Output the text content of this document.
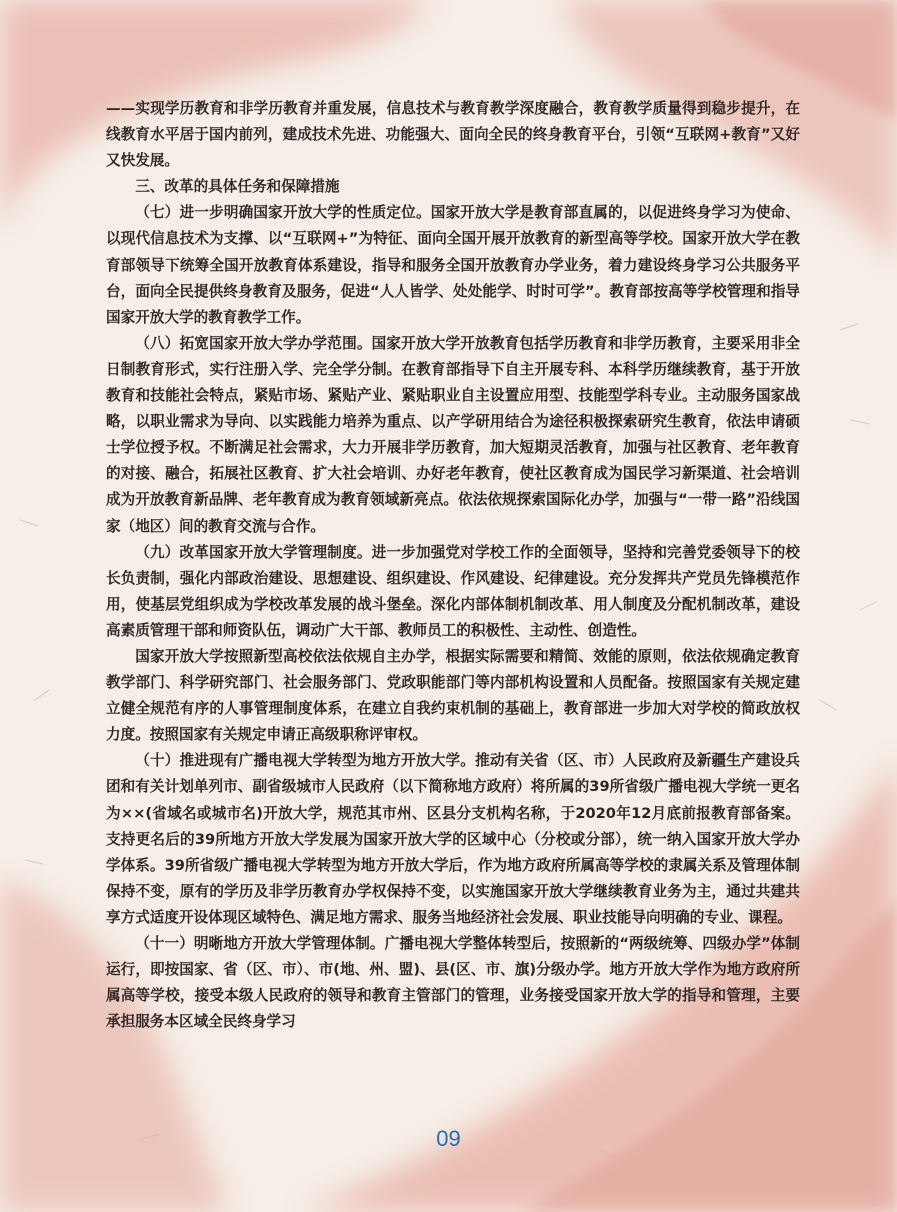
——实现学历教育和非学历教育并重发展，信息技术与教育教学深度融合，教育教学质量得到稳步提升，在线教育水平居于国内前列，建成技术先进、功能强大、面向全民的终身教育平台，引领“互联网+教育”又好又快发展。

三、改革的具体任务和保障措施

（七）进一步明确国家开放大学的性质定位。国家开放大学是教育部直属的，以促进终身学习为使命、以现代信息技术为支撑、以“互联网+”为特征、面向全国开展开放教育的新型高等学校。国家开放大学在教育部领导下统筹全国开放教育体系建设，指导和服务全国开放教育办学业务，着力建设终身学习公共服务平台，面向全民提供终身教育及服务，促进“人人皆学、处处能学、时时可学”。教育部按高等学校管理和指导国家开放大学的教育教学工作。

（八）拓宽国家开放大学办学范围。国家开放大学开放教育包括学历教育和非学历教育，主要采用非全日制教育形式，实行注册入学、完全学分制。在教育部指导下自主开展专科、本科学历继续教育，基于开放教育和技能社会特点，紧贴市场、紧贴产业、紧贴职业自主设置应用型、技能型学科专业。主动服务国家战略，以职业需求为导向、以实践能力培养为重点、以产学研用结合为途径积极探索研究生教育，依法申请硕士学位授予权。不断满足社会需求，大力开展非学历教育，加大短期灵活教育，加强与社区教育、老年教育的对接、融合，拓展社区教育、扩大社会培训、办好老年教育，使社区教育成为国民学习新渠道、社会培训成为开放教育新品牌、老年教育成为教育领域新亮点。依法依规探索国际化办学，加强与“一带一路”沿线国家（地区）间的教育交流与合作。

（九）改革国家开放大学管理制度。进一步加强党对学校工作的全面领导，坚持和完善党委领导下的校长负责制，强化内部政治建设、思想建设、组织建设、作风建设、纪律建设。充分发挥共产党员先锋模范作用，使基层党组织成为学校改革发展的战斗堡垒。深化内部体制机制改革、用人制度及分配机制改革，建设高素质管理干部和师资队伍，调动广大干部、教师员工的积极性、主动性、创造性。

国家开放大学按照新型高校依法依规自主办学，根据实际需要和精简、效能的原则，依法依规确定教育教学部门、科学研究部门、社会服务部门、党政职能部门等内部机构设置和人员配备。按照国家有关规定建立健全规范有序的人事管理制度体系，在建立自我约束机制的基础上，教育部进一步加大对学校的简政放权力度。按照国家有关规定申请正高级职称评审权。

（十）推进现有广播电视大学转型为地方开放大学。推动有关省（区、市）人民政府及新疆生产建设兵团和有关计划单列市、副省级城市人民政府（以下简称地方政府）将所属的39所省级广播电视大学统一更名为××(省域名或城市名)开放大学，规范其市州、区县分支机构名称，于2020年12月底前报教育部备案。支持更名后的39所地方开放大学发展为国家开放大学的区域中心（分校或分部），统一纳入国家开放大学办学体系。39所省级广播电视大学转型为地方开放大学后，作为地方政府所属高等学校的隶属关系及管理体制保持不变，原有的学历及非学历教育办学权保持不变，以实施国家开放大学继续教育业务为主，通过共建共享方式适度开设体现区域特色、满足地方需求、服务当地经济社会发展、职业技能导向明确的专业、课程。

（十一）明晰地方开放大学管理体制。广播电视大学整体转型后，按照新的“两级统筹、四级办学”体制运行，即按国家、省（区、市）、市(地、州、盟)、县(区、市、旗)分级办学。地方开放大学作为地方政府所属高等学校，接受本级人民政府的领导和教育主管部门的管理，业务接受国家开放大学的指导和管理，主要承担服务本区域全民终身学习

09
